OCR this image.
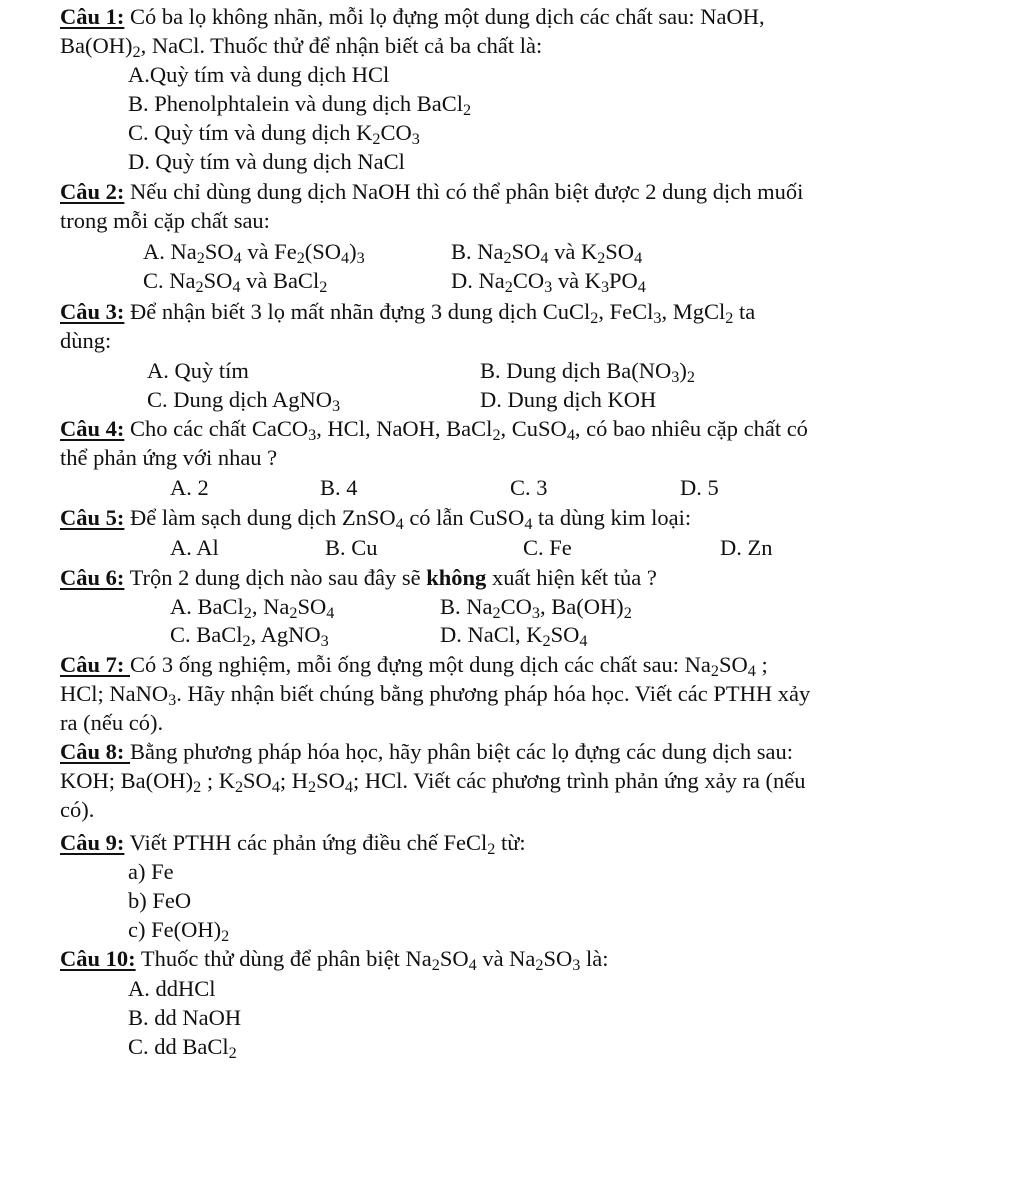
Câu 1: Có ba lọ không nhãn, mỗi lọ đựng một dung dịch các chất sau: NaOH,
$Ba(OH)_2$, NaCl. Thuốc thử để nhận biết cả ba chất là:
A.Quỳ tím và dung dịch HCl
B. Phenolphtalein và dung dịch BaCl$_2$
C. Quỳ tím và dung dịch $K_2CO_3$
D. Quỳ tím và dung dịch NaCl
Câu 2: Nếu chỉ dùng dung dịch NaOH thì có thể phân biệt được 2 dung dịch muối
trong mỗi cặp chất sau:
A. $Na_2SO_4$ và $Fe_2(SO_4)_3$	B. $Na_2SO_4$ và $K_2SO_4$
C. $Na_2SO_4$ và BaCl$_2$	D. $Na_2CO_3$ và $K_3PO_4$
Câu 3: Để nhận biết 3 lọ mất nhãn đựng 3 dung dịch CuCl$_2$, FeCl$_3$, MgCl$_2$ ta
dùng:
A. Quỳ tím	B. Dung dịch $Ba(NO_3)_2$
C. Dung dịch AgNO$_3$	D. Dung dịch KOH
Câu 4: Cho các chất CaCO$_3$, HCl, NaOH, BaCl$_2$, CuSO$_4$, có bao nhiêu cặp chất có
thể phản ứng với nhau ?
A. 2	B. 4	C. 3	D. 5
Câu 5: Để làm sạch dung dịch ZnSO$_4$ có lẫn CuSO$_4$ ta dùng kim loại:
A. Al	B. Cu	C. Fe	D. Zn
Câu 6: Trộn 2 dung dịch nào sau đây sẽ không xuất hiện kết tủa ?
A. BaCl$_2$, $Na_2SO_4$	B. $Na_2CO_3$, $Ba(OH)_2$
C. BaCl$_2$, AgNO$_3$	D. NaCl, $K_2SO_4$
Câu 7: Có 3 ống nghiệm, mỗi ống đựng một dung dịch các chất sau: $Na_2SO_4$ ;
HCl; NaNO$_3$. Hãy nhận biết chúng bằng phương pháp hóa học. Viết các PTHH xảy
ra (nếu có).
Câu 8: Bằng phương pháp hóa học, hãy phân biệt các lọ đựng các dung dịch sau:
KOH; $Ba(OH)_2$ ; $K_2SO_4$; $H_2SO_4$; HCl. Viết các phương trình phản ứng xảy ra (nếu
có).
Câu 9: Viết PTHH các phản ứng điều chế FeCl$_2$ từ:
a) Fe
b) FeO
c) $Fe(OH)_2$
Câu 10: Thuốc thử dùng để phân biệt $Na_2SO_4$ và $Na_2SO_3$ là:
A. ddHCl
B. dd NaOH
C. dd BaCl$_2$
